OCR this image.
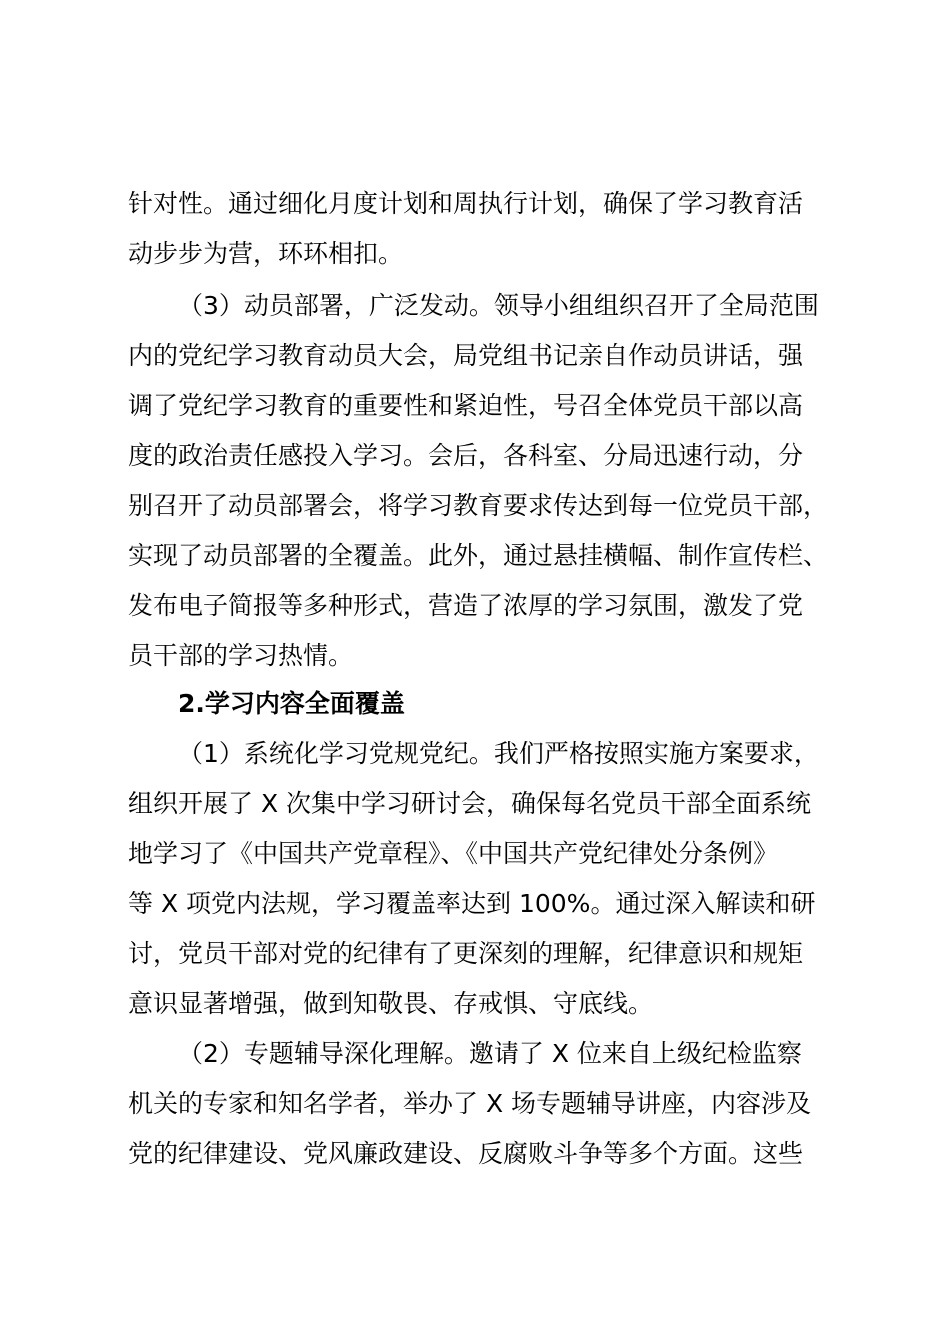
针对性。通过细化月度计划和周执行计划，确保了学习教育活
动步步为营，环环相扣。
（3）动员部署，广泛发动。领导小组组织召开了全局范围
内的党纪学习教育动员大会，局党组书记亲自作动员讲话，强
调了党纪学习教育的重要性和紧迫性，号召全体党员干部以高
度的政治责任感投入学习。会后，各科室、分局迅速行动，分
别召开了动员部署会，将学习教育要求传达到每一位党员干部，
实现了动员部署的全覆盖。此外，通过悬挂横幅、制作宣传栏、
发布电子简报等多种形式，营造了浓厚的学习氛围，激发了党
员干部的学习热情。
2.学习内容全面覆盖
（1）系统化学习党规党纪。我们严格按照实施方案要求，
组织开展了 X 次集中学习研讨会，确保每名党员干部全面系统
地学习了《中国共产党章程》、《中国共产党纪律处分条例》
等 X 项党内法规，学习覆盖率达到 100%。通过深入解读和研
讨，党员干部对党的纪律有了更深刻的理解，纪律意识和规矩
意识显著增强，做到知敬畏、存戒惧、守底线。
（2）专题辅导深化理解。邀请了 X 位来自上级纪检监察
机关的专家和知名学者，举办了 X 场专题辅导讲座，内容涉及
党的纪律建设、党风廉政建设、反腐败斗争等多个方面。这些
